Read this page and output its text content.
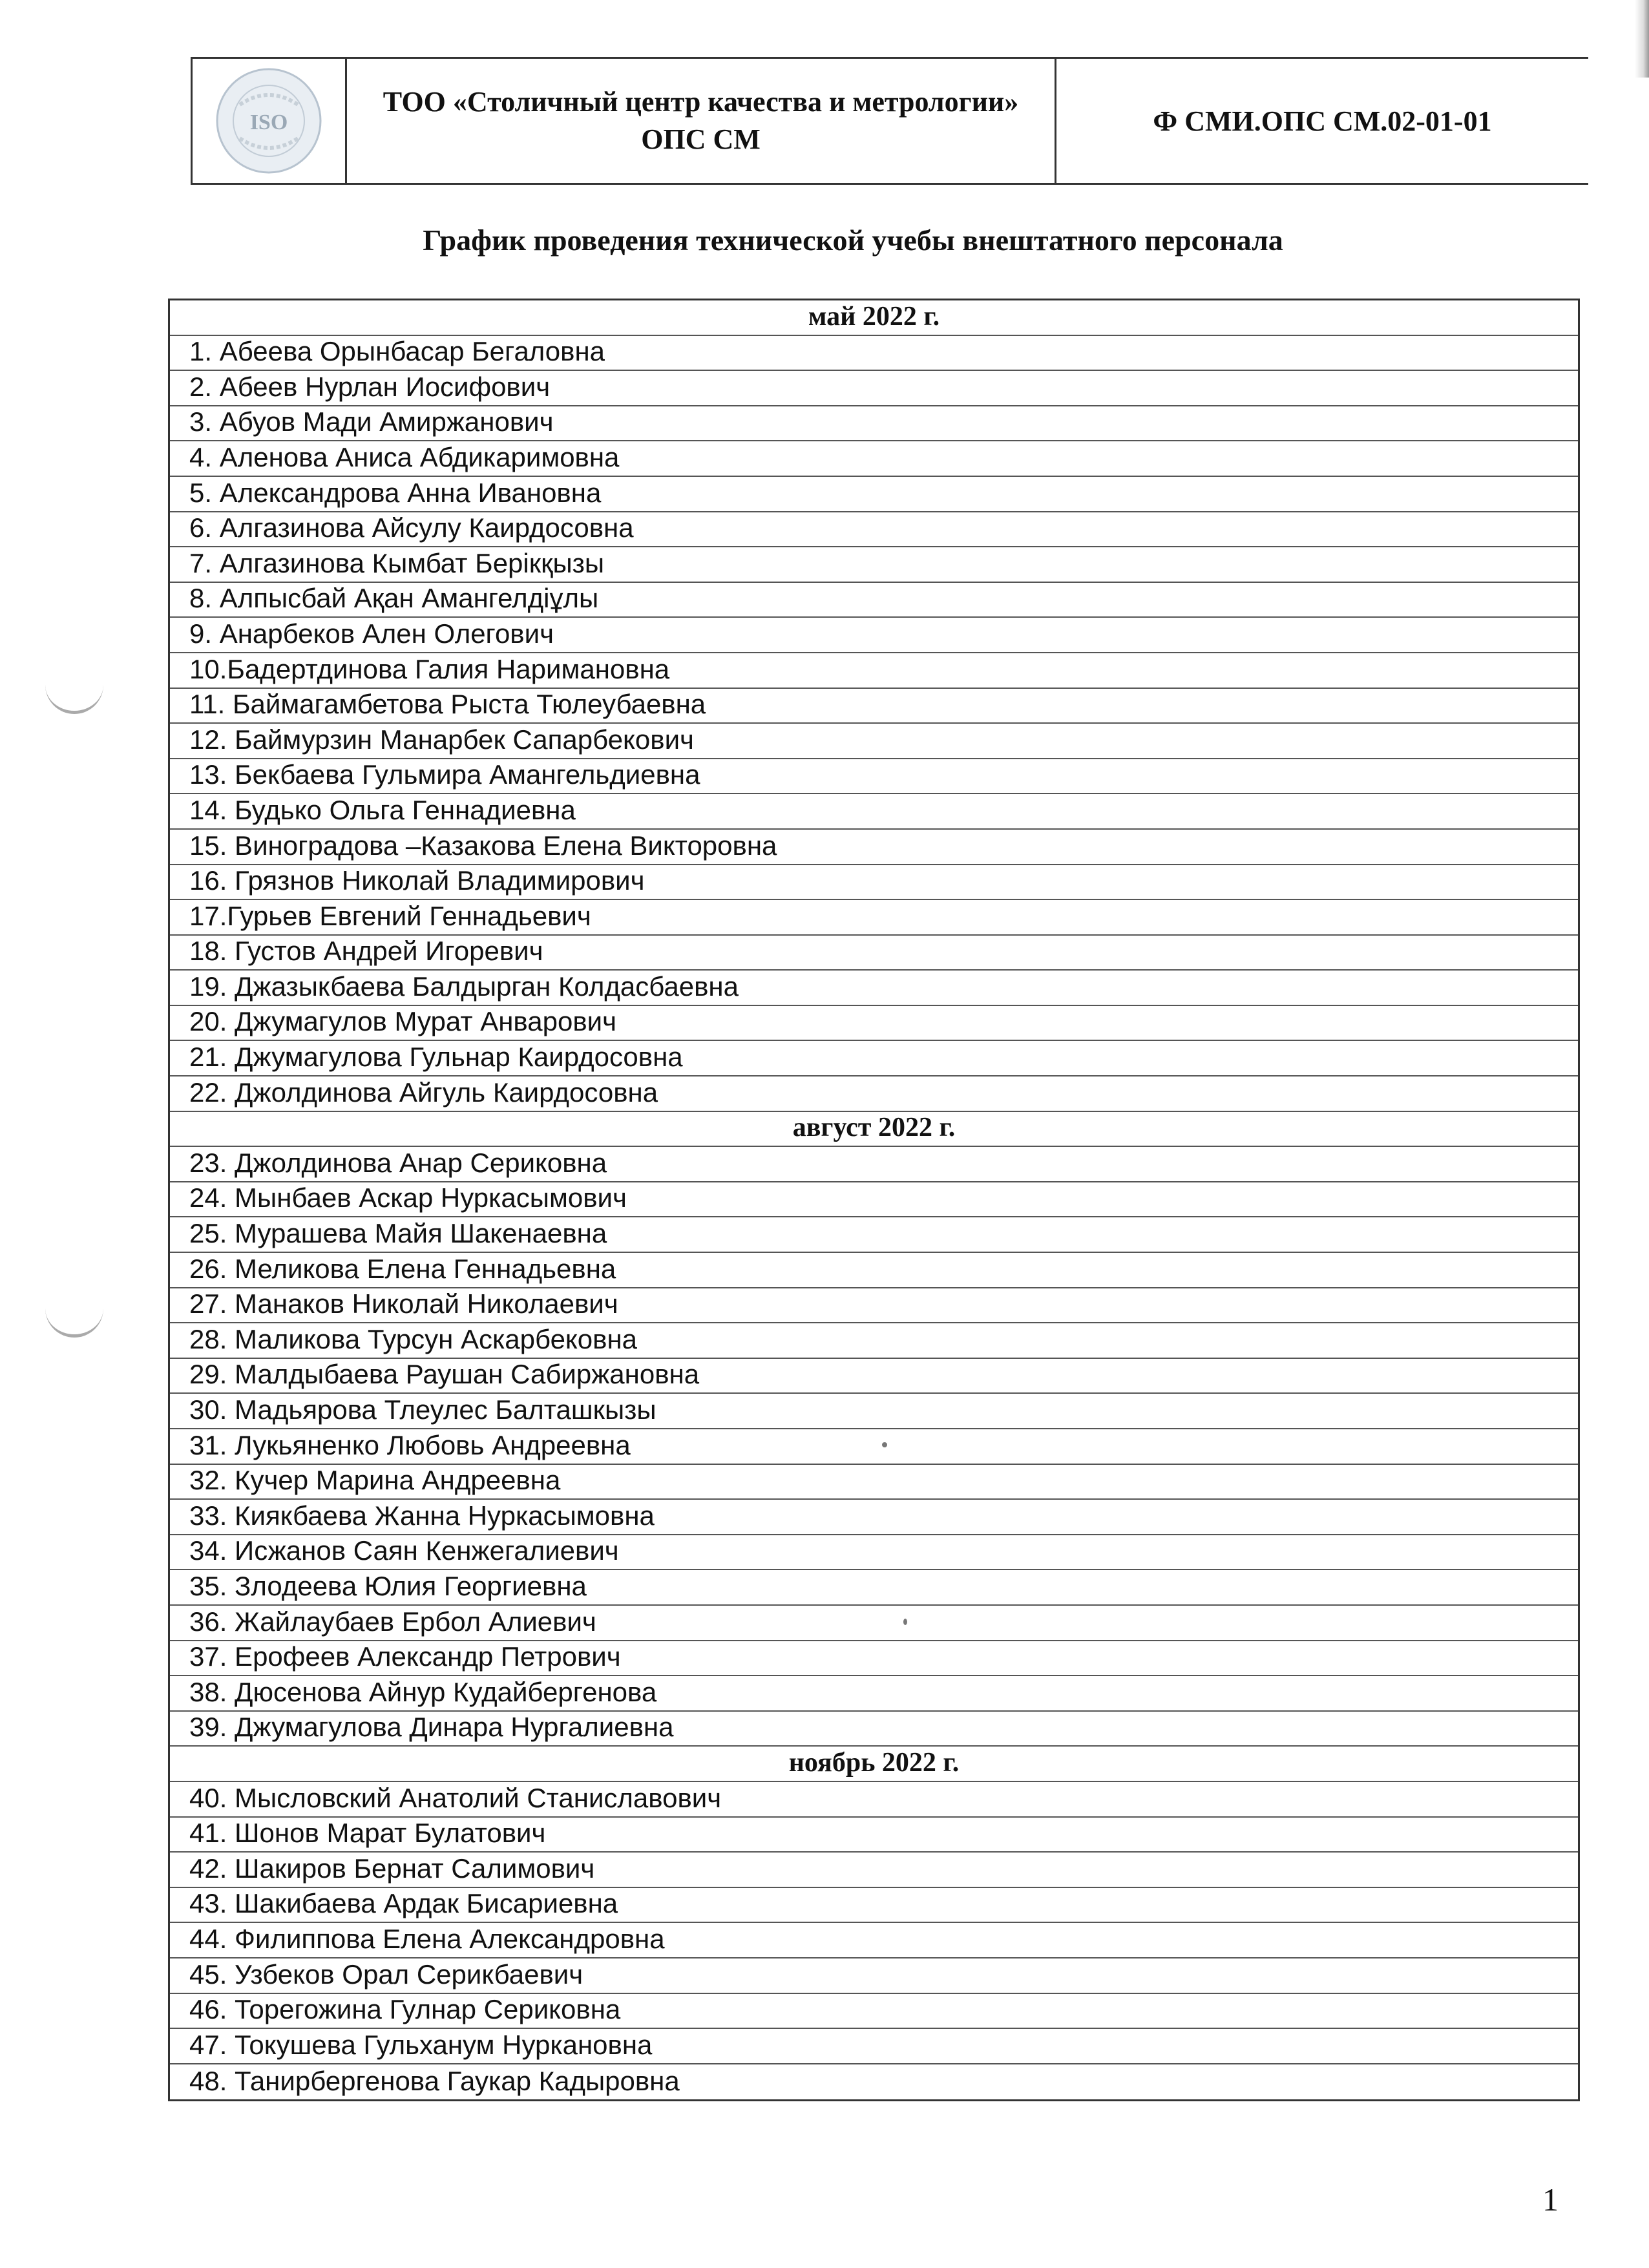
ISO
ТОО «Столичный центр качества и метрологии»
ОПС СМ
Ф СМИ.ОПС СМ.02-01-01
График проведения технической учебы внештатного персонала
май 2022 г.
1. Абеева Орынбасар Бегаловна
2. Абеев Нурлан Иосифович
3. Абуов Мади Амиржанович
4. Аленова Аниса Абдикаримовна
5. Александрова Анна Ивановна
6. Алгазинова Айсулу Каирдосовна
7. Алгазинова Кымбат Берікқызы
8. Алпысбай Ақан Амангелдіұлы
9. Анарбеков Ален Олегович
10.Бадертдинова Галия Наримановна
11. Баймагамбетова Рыста Тюлеубаевна
12. Баймурзин Манарбек Сапарбекович
13. Бекбаева Гульмира Амангельдиевна
14. Будько Ольга Геннадиевна
15. Виноградова –Казакова Елена Викторовна
16. Грязнов Николай Владимирович
17.Гурьев Евгений Геннадьевич
18. Густов Андрей Игоревич
19. Джазыкбаева Балдырган Колдасбаевна
20. Джумагулов Мурат Анварович
21. Джумагулова Гульнар Каирдосовна
22. Джолдинова Айгуль Каирдосовна
август 2022 г.
23. Джолдинова Анар Сериковна
24. Мынбаев Аскар Нуркасымович
25. Мурашева Майя Шакенаевна
26. Меликова Елена Геннадьевна
27. Манаков Николай Николаевич
28. Маликова Турсун Аскарбековна
29. Малдыбаева Раушан Сабиржановна
30. Мадьярова Тлеулес Балташкызы
31. Лукьяненко Любовь Андреевна
32. Кучер Марина Андреевна
33. Киякбаева Жанна Нуркасымовна
34. Исжанов Саян Кенжегалиевич
35. Злодеева Юлия Георгиевна
36. Жайлаубаев Ербол Алиевич
37. Ерофеев Александр Петрович
38. Дюсенова Айнур Кудайбергенова
39. Джумагулова Динара Нургалиевна
ноябрь 2022 г.
40. Мысловский Анатолий Станиславович
41. Шонов Марат Булатович
42. Шакиров Бернат Салимович
43. Шакибаева Ардак Бисариевна
44. Филиппова Елена Александровна
45. Узбеков Орал Серикбаевич
46. Торегожина Гулнар Сериковна
47. Токушева Гульханум Нуркановна
48. Танирбергенова Гаукар Кадыровна
1
